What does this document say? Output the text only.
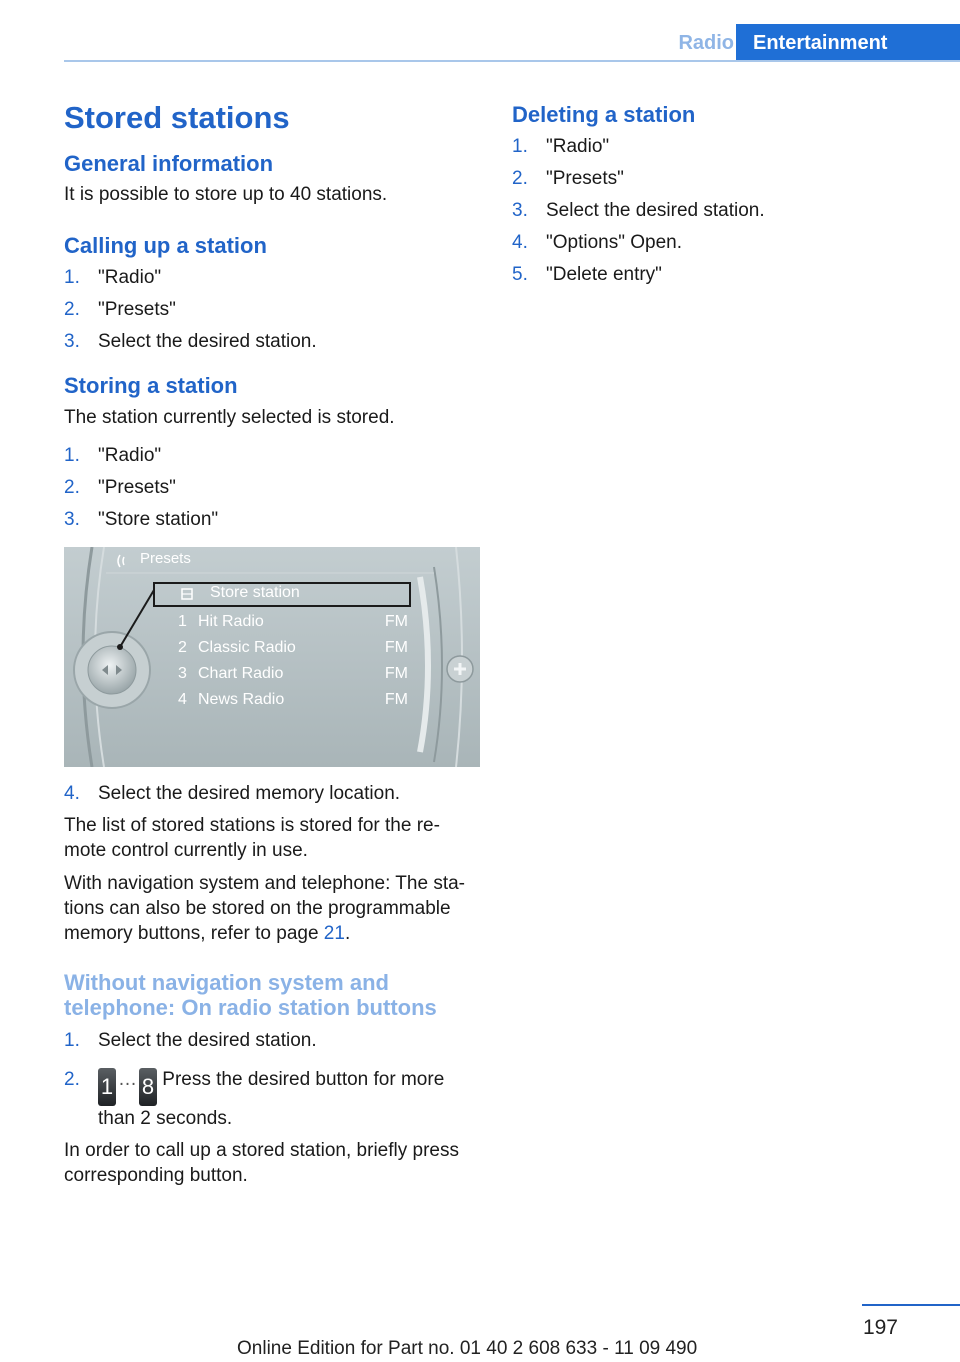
Radio Entertainment
Stored stations
General information

It is possible to store up to 40 stations.

Calling up a station
1. "Radio"
2. "Presets"
3. Select the desired station.
Storing a station

The station currently selected is stored.

1. "Radio"
2. "Presets"
3. "Store station"
Presets
Store station
1 Hit Radio	FM
2 Classic Radio	FM
3 Chart Radio	FM
4 News Radio	FM
4. Select the desired memory location.

The list of stored stations is stored for the re- mote control currently in use.

With navigation system and telephone: The sta- tions can also be stored on the programmable memory buttons, refer to page 21.

Without navigation system and telephone: On radio station buttons
1. Select the desired station.
2. 1 … 8 Press the desired button for more than 2 seconds.

In order to call up a stored station, briefly press corresponding button.

Deleting a station
1. "Radio"
2. "Presets"
3. Select the desired station.
4. "Options" Open.
5. "Delete entry"
197
Online Edition for Part no. 01 40 2 608 633 - 11 09 490
